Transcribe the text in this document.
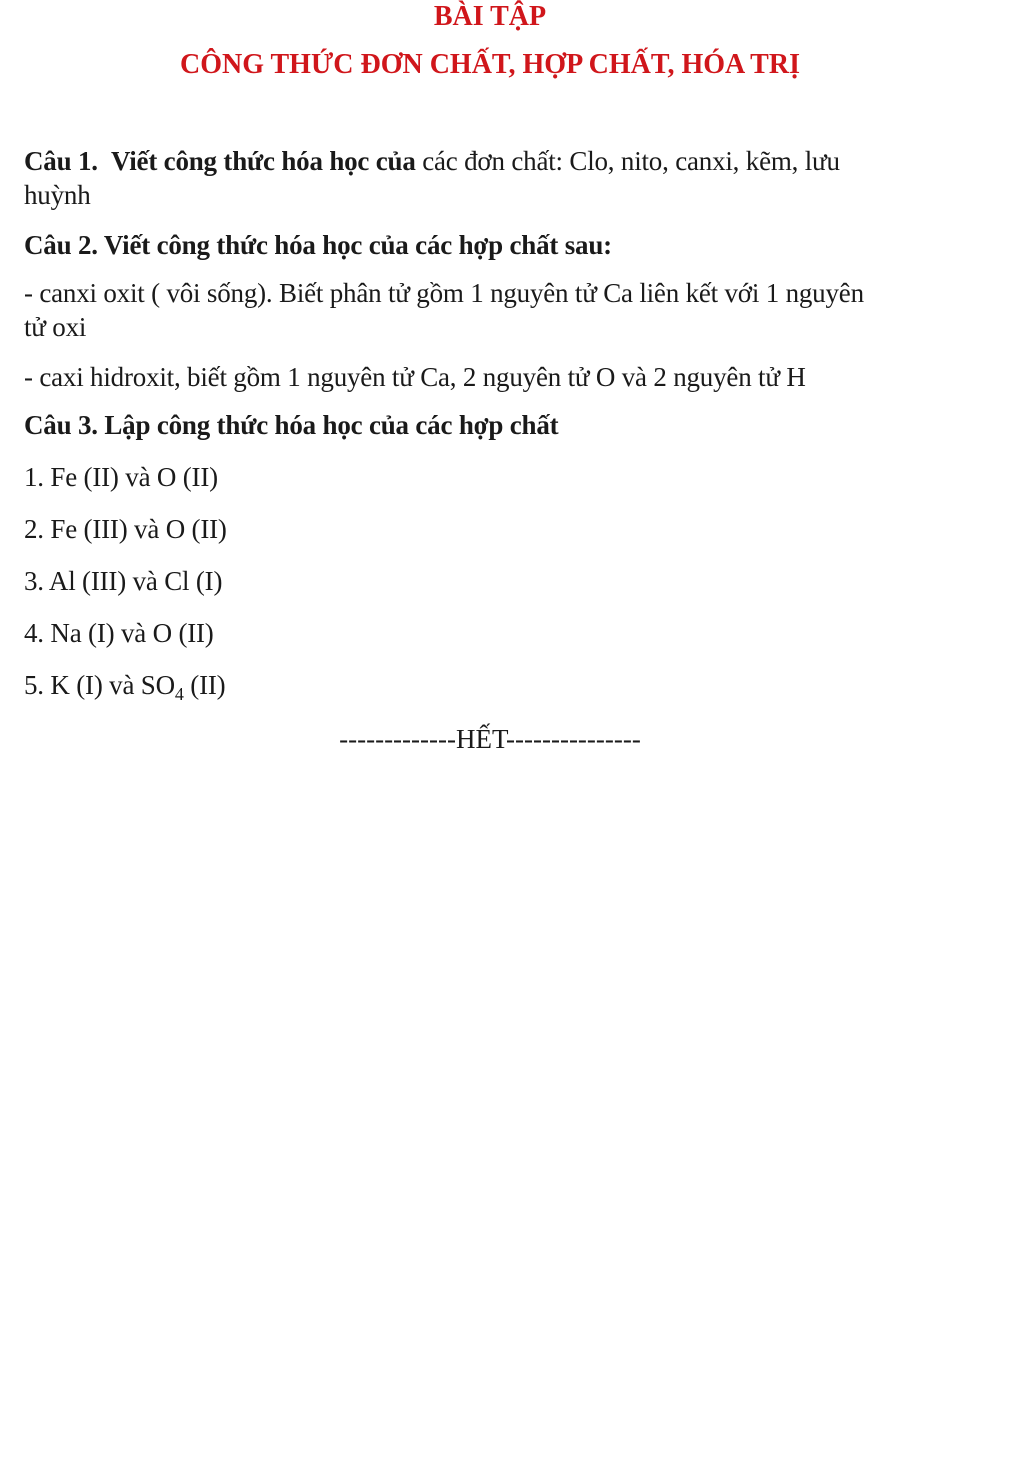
BÀI TẬP
CÔNG THỨC ĐƠN CHẤT, HỢP CHẤT, HÓA TRỊ
Câu 1. Viết công thức hóa học của các đơn chất: Clo, nito, canxi, kẽm, lưu
huỳnh
Câu 2. Viết công thức hóa học của các hợp chất sau:
- canxi oxit ( vôi sống). Biết phân tử gồm 1 nguyên tử Ca liên kết với 1 nguyên
tử oxi
- caxi hidroxit, biết gồm 1 nguyên tử Ca, 2 nguyên tử O và 2 nguyên tử H
Câu 3. Lập công thức hóa học của các hợp chất
1. Fe (II) và O (II)
2. Fe (III) và O (II)
3. Al (III) và Cl (I)
4. Na (I) và O (II)
5. K (I) và $SO_4$ (II)
-------------HẾT---------------
